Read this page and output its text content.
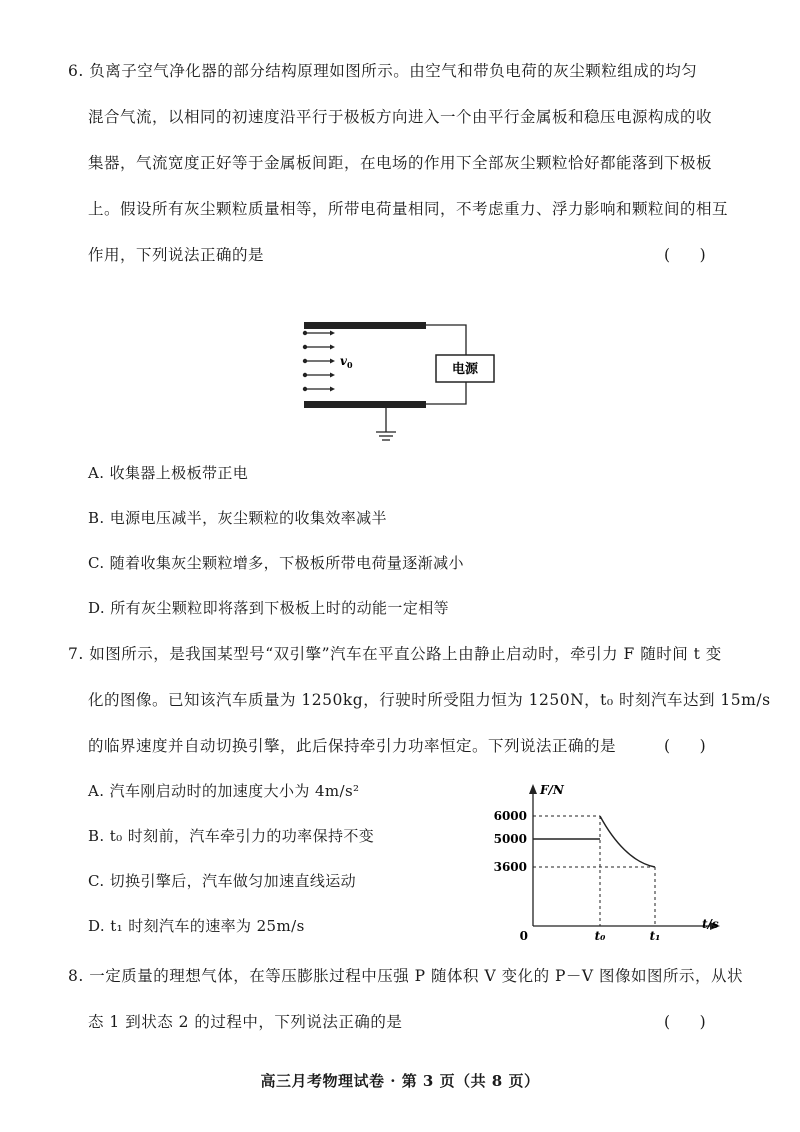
6. 负离子空气净化器的部分结构原理如图所示。由空气和带负电荷的灰尘颗粒组成的均匀
混合气流，以相同的初速度沿平行于极板方向进入一个由平行金属板和稳压电源构成的收
集器，气流宽度正好等于金属板间距，在电场的作用下全部灰尘颗粒恰好都能落到下极板
上。假设所有灰尘颗粒质量相等，所带电荷量相同，不考虑重力、浮力影响和颗粒间的相互
作用，下列说法正确的是	(      )
电源
$v_0$
A. 收集器上极板带正电
B. 电源电压减半，灰尘颗粒的收集效率减半
C. 随着收集灰尘颗粒增多，下极板所带电荷量逐渐减小
D. 所有灰尘颗粒即将落到下极板上时的动能一定相等
7. 如图所示，是我国某型号“双引擎”汽车在平直公路上由静止启动时，牵引力 F 随时间 t 变
化的图像。已知该汽车质量为 1250kg，行驶时所受阻力恒为 1250N，t₀ 时刻汽车达到 15m/s
的临界速度并自动切换引擎，此后保持牵引力功率恒定。下列说法正确的是	(      )
A. 汽车刚启动时的加速度大小为 4m/s²
B. t₀ 时刻前，汽车牵引力的功率保持不变
C. 切换引擎后，汽车做匀加速直线运动
D. t₁ 时刻汽车的速率为 25m/s
F/N
t/s
0
3600
5000
6000
t₀	t₁
8. 一定质量的理想气体，在等压膨胀过程中压强 P 随体积 V 变化的 P－V 图像如图所示，从状
态 1 到状态 2 的过程中，下列说法正确的是	(      )
高三月考物理试卷 · 第 3 页（共 8 页）
